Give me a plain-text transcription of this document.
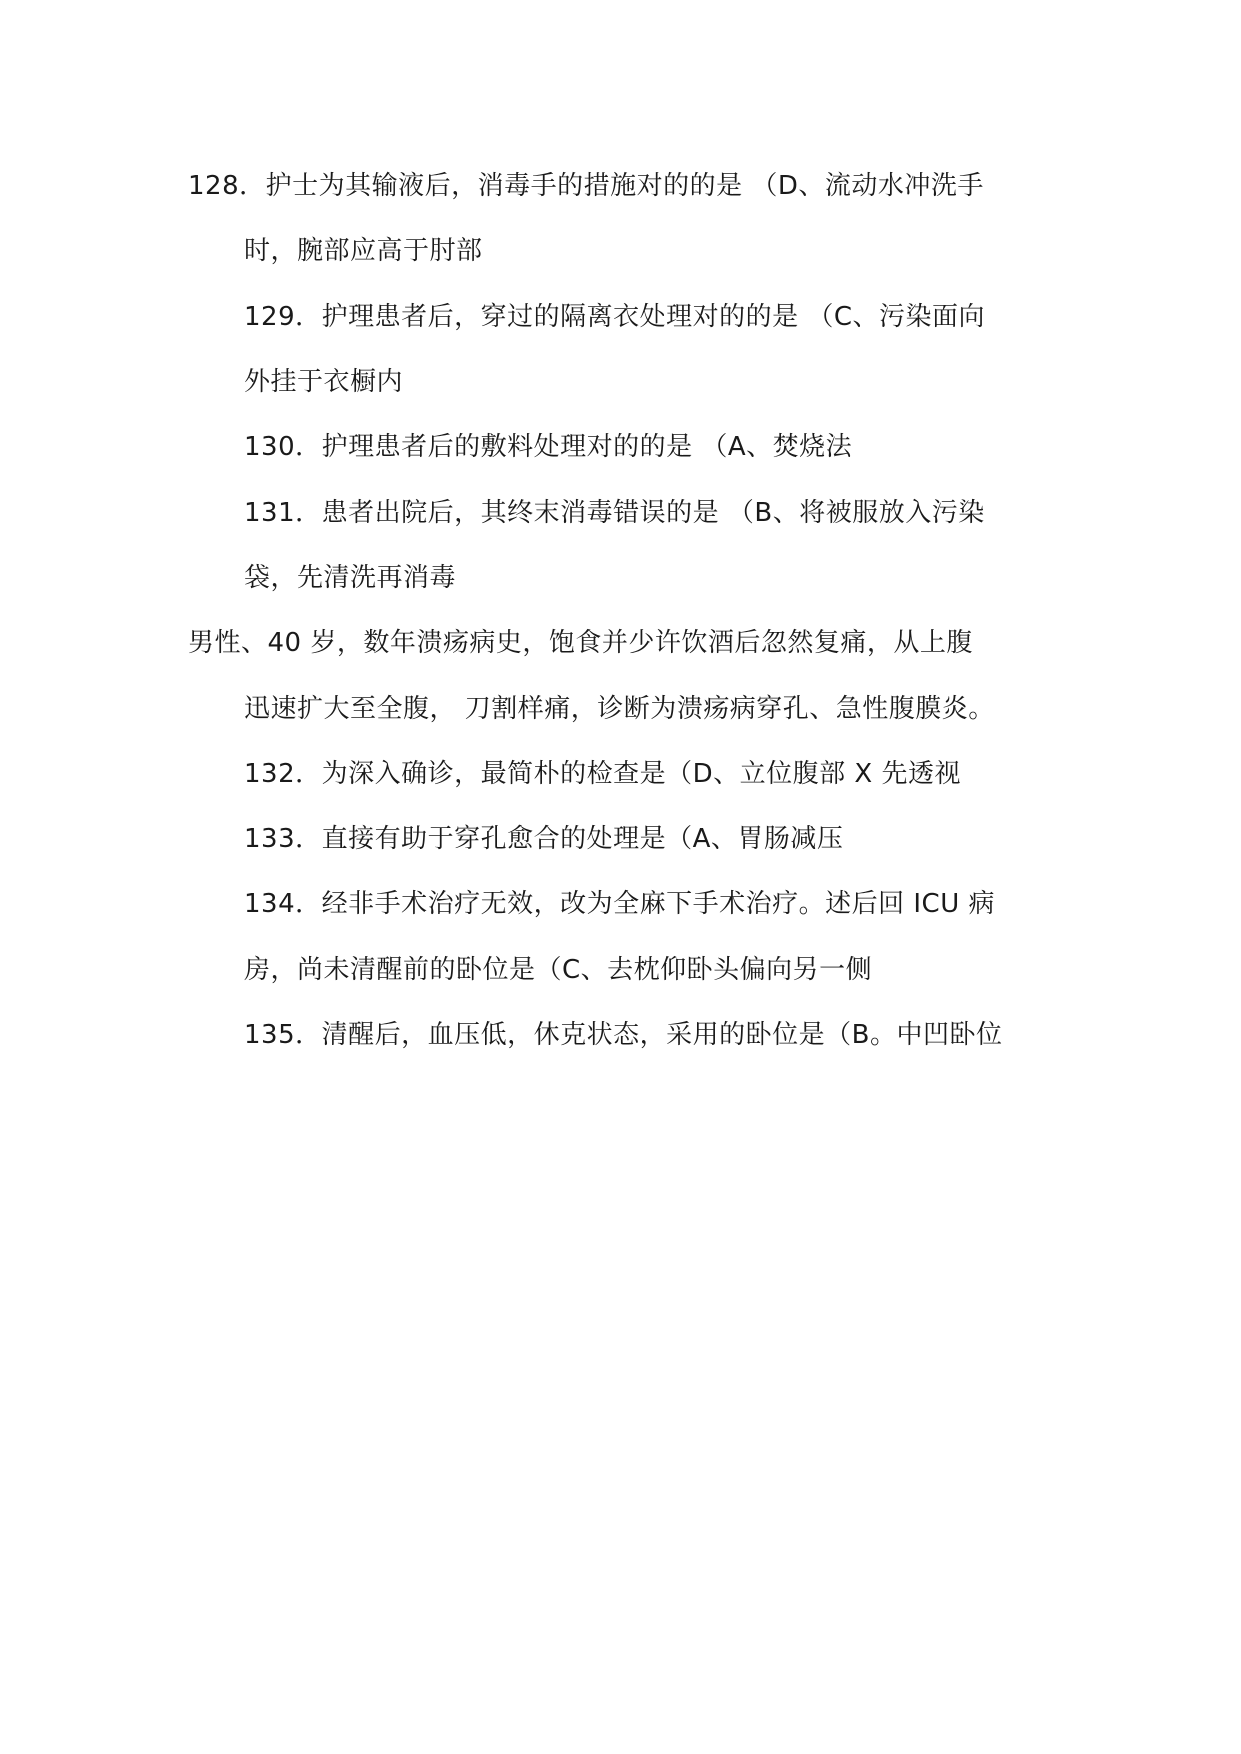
128．护士为其输液后，消毒手的措施对的的是 （D、流动水冲洗手
时，腕部应高于肘部
129．护理患者后，穿过的隔离衣处理对的的是 （C、污染面向
外挂于衣橱内
130．护理患者后的敷料处理对的的是 （A、焚烧法
131．患者出院后，其终末消毒错误的是 （B、将被服放入污染
袋，先清洗再消毒
男性、40 岁，数年溃疡病史，饱食并少许饮酒后忽然复痛，从上腹
迅速扩大至全腹， 刀割样痛，诊断为溃疡病穿孔、急性腹膜炎。
132．为深入确诊，最简朴的检查是（D、立位腹部 X 先透视
133．直接有助于穿孔愈合的处理是（A、胃肠减压
134．经非手术治疗无效，改为全麻下手术治疗。述后回 ICU 病
房，尚未清醒前的卧位是（C、去枕仰卧头偏向另一侧
135．清醒后，血压低，休克状态，采用的卧位是（B。中凹卧位
